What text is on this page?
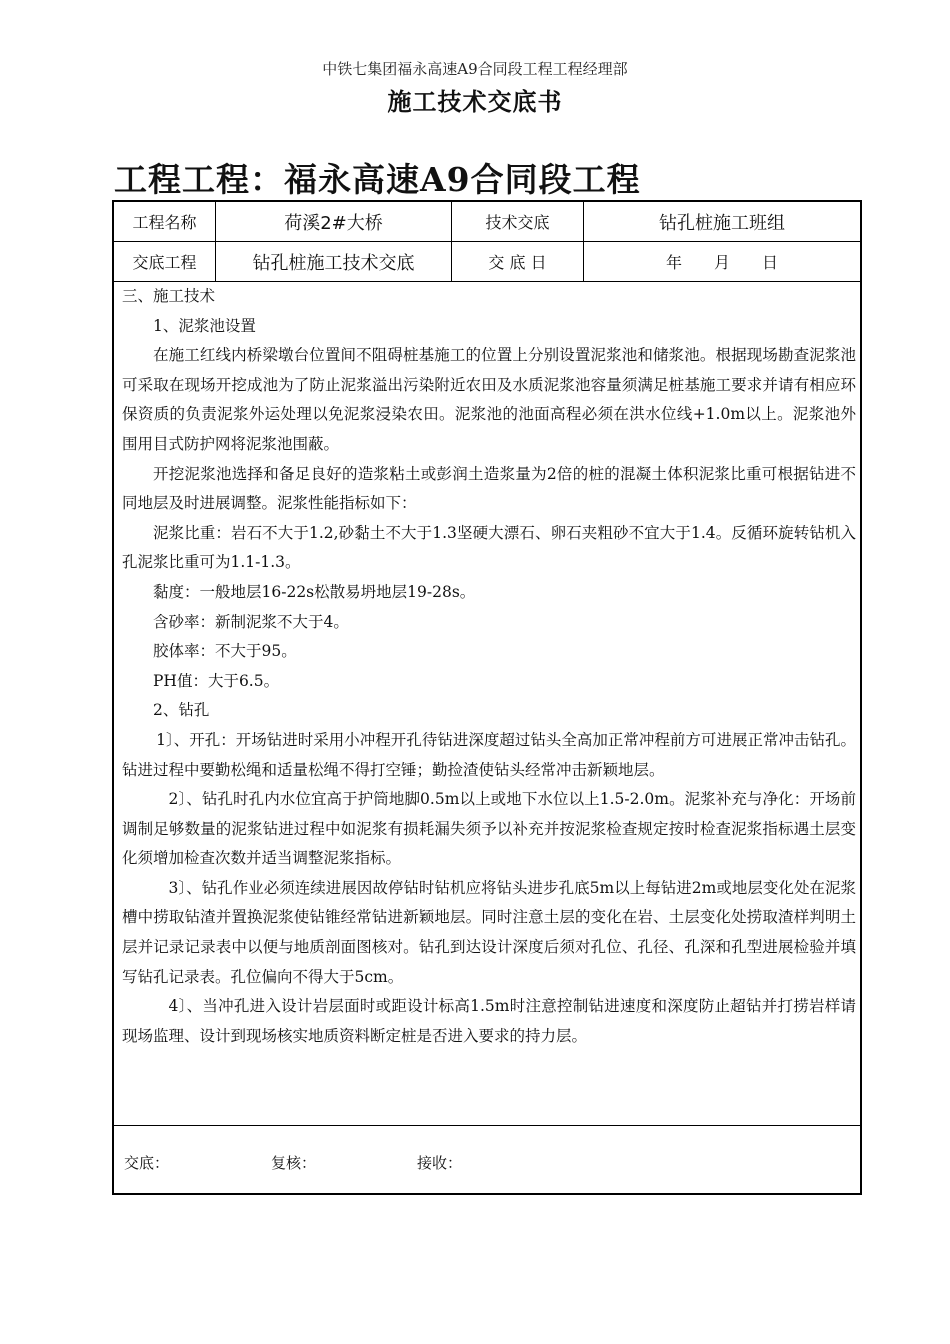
中铁七集团福永高速A9合同段工程工程经理部
施工技术交底书
工程工程：福永高速A9合同段工程
工程名称	荷溪2#大桥	技术交底	钻孔桩施工班组
交底工程	钻孔桩施工技术交底	交 底 日	年　　月　　日

三、施工技术

1、泥浆池设置

在施工红线内桥梁墩台位置间不阻碍桩基施工的位置上分别设置泥浆池和储浆池。根据现场勘查泥浆池可采取在现场开挖成池为了防止泥浆溢出污染附近农田及水质泥浆池容量须满足桩基施工要求并请有相应环保资质的负责泥浆外运处理以免泥浆浸染农田。泥浆池的池面高程必须在洪水位线+1.0m以上。泥浆池外围用目式防护网将泥浆池围蔽。

开挖泥浆池选择和备足良好的造浆粘土或彭润土造浆量为2倍的桩的混凝土体积泥浆比重可根据钻进不同地层及时进展调整。泥浆性能指标如下：

泥浆比重：岩石不大于1.2,砂黏土不大于1.3坚硬大漂石、卵石夹粗砂不宜大于1.4。反循环旋转钻机入孔泥浆比重可为1.1-1.3。

黏度：一般地层16-22s松散易坍地层19-28s。

含砂率：新制泥浆不大于4。

胶体率：不大于95。

PH值：大于6.5。

2、钻孔

1〕、开孔：开场钻进时采用小冲程开孔待钻进深度超过钻头全高加正常冲程前方可进展正常冲击钻孔。钻进过程中要勤松绳和适量松绳不得打空锤；勤捡渣使钻头经常冲击新颖地层。

2〕、钻孔时孔内水位宜高于护筒地脚0.5m以上或地下水位以上1.5-2.0m。泥浆补充与净化：开场前调制足够数量的泥浆钻进过程中如泥浆有损耗漏失须予以补充并按泥浆检查规定按时检查泥浆指标遇土层变化须增加检查次数并适当调整泥浆指标。

3〕、钻孔作业必须连续进展因故停钻时钻机应将钻头进步孔底5m以上每钻进2m或地层变化处在泥浆槽中捞取钻渣并置换泥浆使钻锥经常钻进新颖地层。同时注意土层的变化在岩、土层变化处捞取渣样判明土层并记录记录表中以便与地质剖面图核对。钻孔到达设计深度后须对孔位、孔径、孔深和孔型进展检验并填写钻孔记录表。孔位偏向不得大于5cm。

4〕、当冲孔进入设计岩层面时或距设计标高1.5m时注意控制钻进速度和深度防止超钻并打捞岩样请现场监理、设计到现场核实地质资料断定桩是否进入要求的持力层。

交底：	复核：	接收：
